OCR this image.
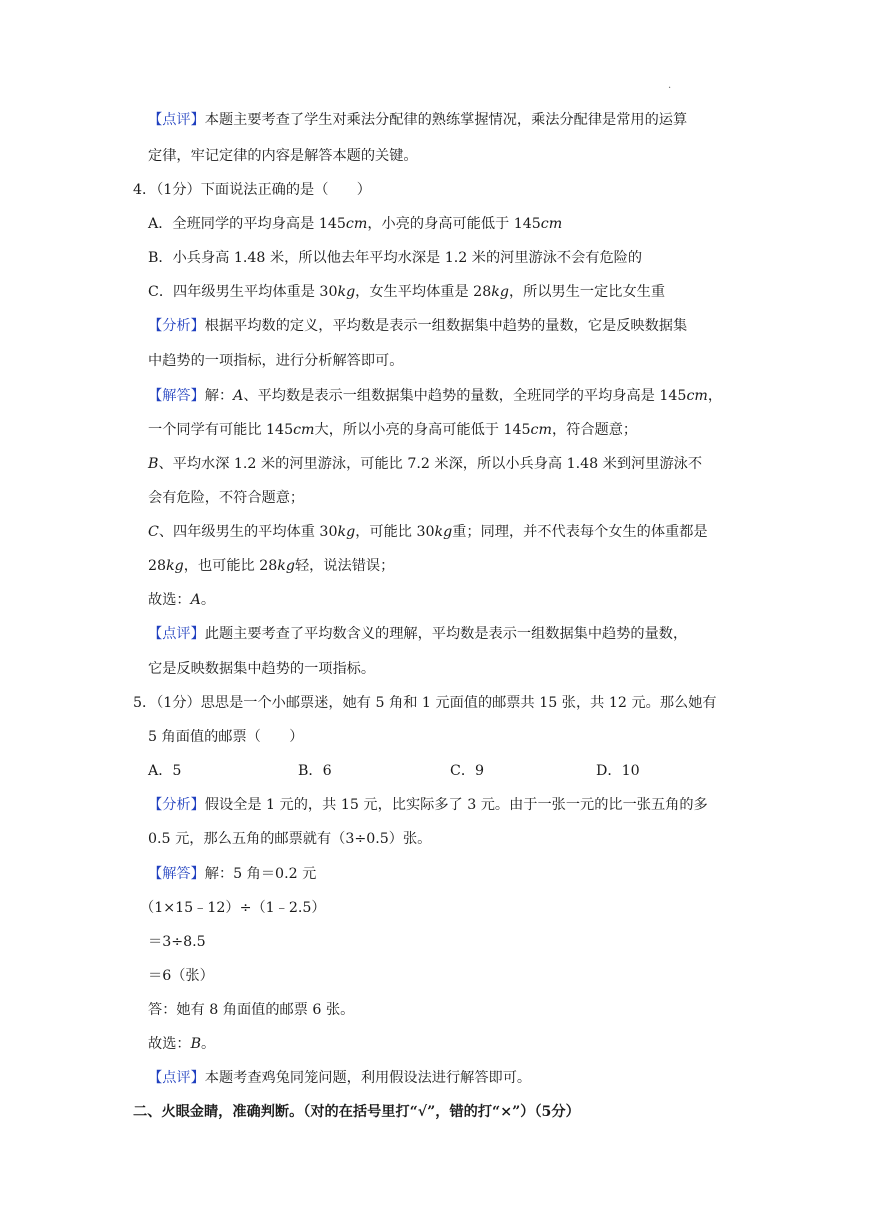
.
【点评】本题主要考查了学生对乘法分配律的熟练掌握情况，乘法分配律是常用的运算
定律，牢记定律的内容是解答本题的关键。
4．（1分）下面说法正确的是（　　）
A．全班同学的平均身高是 145cm，小亮的身高可能低于 145cm
B．小兵身高 1.48 米，所以他去年平均水深是 1.2 米的河里游泳不会有危险的
C．四年级男生平均体重是 30kg，女生平均体重是 28kg，所以男生一定比女生重
【分析】根据平均数的定义，平均数是表示一组数据集中趋势的量数，它是反映数据集
中趋势的一项指标，进行分析解答即可。
【解答】解：A、平均数是表示一组数据集中趋势的量数，全班同学的平均身高是 145cm，
一个同学有可能比 145cm大，所以小亮的身高可能低于 145cm，符合题意；
B、平均水深 1.2 米的河里游泳，可能比 7.2 米深，所以小兵身高 1.48 米到河里游泳不
会有危险，不符合题意；
C、四年级男生的平均体重 30kg，可能比 30kg重；同理，并不代表每个女生的体重都是
28kg，也可能比 28kg轻，说法错误；
故选：A。
【点评】此题主要考查了平均数含义的理解，平均数是表示一组数据集中趋势的量数，
它是反映数据集中趋势的一项指标。
5．（1分）思思是一个小邮票迷，她有 5 角和 1 元面值的邮票共 15 张，共 12 元。那么她有
5 角面值的邮票（　　）
A．5	B．6	C．9	D．10
【分析】假设全是 1 元的，共 15 元，比实际多了 3 元。由于一张一元的比一张五角的多
0.5 元，那么五角的邮票就有（3÷0.5）张。
【解答】解：5 角＝0.2 元
（1×15﹣12）÷（1﹣2.5）
＝3÷8.5
＝6（张）
答：她有 8 角面值的邮票 6 张。
故选：B。
【点评】本题考查鸡兔同笼问题，利用假设法进行解答即可。
二、火眼金睛，准确判断。（对的在括号里打“√”，错的打“×”）（5分）
